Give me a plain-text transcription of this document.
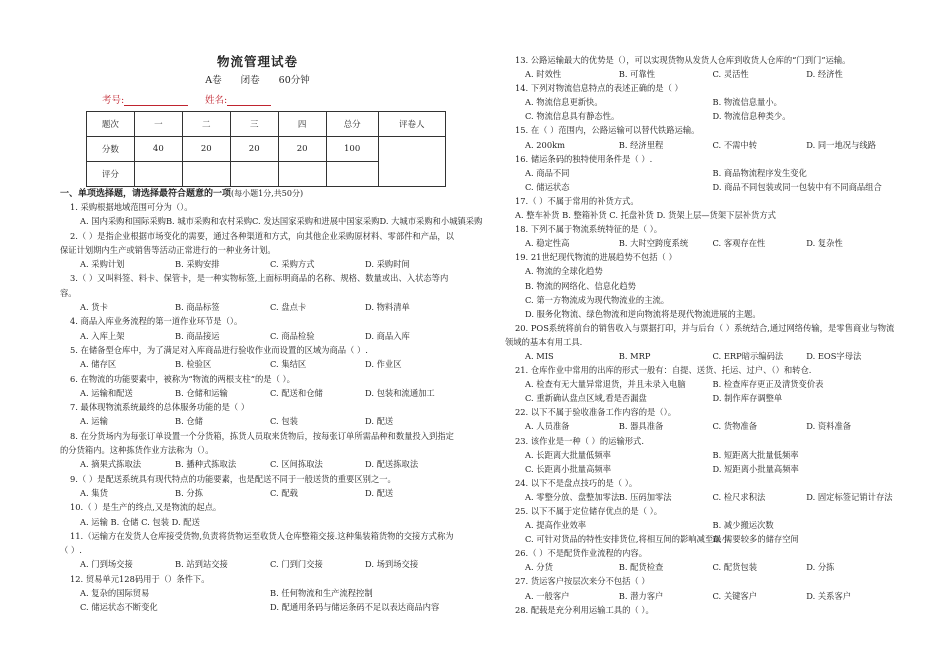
物流管理试卷
A卷 闭卷 60分钟
考号:	姓名:
题次	一	二	三	四	总分	评卷人
分数	40	20	20	20	100	
评分						
一、单项选择题，请选择最符合题意的一项(每小题1分,共50分)
1. 采购根据地域范围可分为（）。
A. 国内采购和国际采购 B. 城市采购和农村采购 C. 发达国家采购和进展中国家采购 D. 大城市采购和小城镇采购
2.（ ）是指企业根据市场变化的需要，通过各种渠道和方式，向其他企业采购原材料、零部件和产品，以保证计划期内生产或销售等活动正常进行的一种业务计划。
A. 采购计划	B. 采购安排	C. 采购方式	D. 采购时间
3.（ ）又叫料签、料卡、保管卡，是一种实物标签,上面标明商品的名称、规格、数量或出、入状态等内容。
A. 货卡	B. 商品标签	C. 盘点卡	D. 物料清单
4. 商品入库业务流程的第一道作业环节是（）。
A. 入库上架	B. 商品接运	C. 商品检验	D. 商品入库
5. 在储备型仓库中，为了满足对入库商品进行验收作业而设置的区域为商品（ ）.
A. 储存区	B. 检验区	C. 集结区	D. 作业区
6. 在物流的功能要素中，被称为“物流的两根支柱”的是（ ）。
A. 运输和配送	B. 仓储和运输	C. 配送和仓储	D. 包装和流通加工
7. 最体现物流系统最终的总体服务功能的是（ ）
A. 运输	B. 仓储	C. 包装	D. 配送
8. 在分货场内为每张订单设置一个分货箱，拣货人员取来货物后，按每张订单所需品种和数量投入到指定的分货箱内。这种拣货作业方法称为（）。
A. 摘果式拣取法	B. 播种式拣取法	C. 区间拣取法	D. 配送拣取法
9.（ ）是配送系统具有现代特点的功能要素，也是配送不同于一般送货的重要区别之一。
A. 集货	B. 分拣	C. 配载	D. 配送
10.（ ）是生产的终点,又是物流的起点。
A. 运输 B. 仓储 C. 包装 D. 配送
11.（运输方在发货人仓库接受货物,负责将货物运至收货人仓库整箱交接.这种集装箱货物的交接方式称为（ ）.
A. 门到场交接	B. 站到站交接	C. 门到门交接	D. 场到场交接
12. 贸易单元128码用于（）条件下。
A. 复杂的国际贸易	B. 任何物流和生产流程控制
C. 储运状态不断变化	D. 配通用条码与储运条码不足以表达商品内容
13. 公路运输最大的优势是（），可以实现货物从发货人仓库到收货人仓库的“门到门”运输。
A. 时效性	B. 可靠性	C. 灵活性	D. 经济性
14. 下列对物流信息特点的表述正确的是（ ）
A. 物流信息更新快。	B. 物流信息量小。
C. 物流信息具有静态性。	D. 物流信息种类少。
15. 在（ ）范围内，公路运输可以替代铁路运输。
A. 200km	B. 经济里程	C. 不需中转	D. 同一地况与线路
16. 储运条码的独特使用条件是（ ）.
A. 商品不同	B. 商品物流程序发生变化
C. 储运状态	D. 商品不同包装或同一包装中有不同商品组合
17.（ ）不属于常用的补货方式。
A. 整车补货 B. 整箱补货 C. 托盘补货 D. 货架上层—货架下层补货方式
18. 下列不属于物流系统特征的是（ ）。
A. 稳定性高	B. 大时空跨度系统	C. 客观存在性	D. 复杂性
19. 21世纪现代物流的进展趋势不包括（ ）
A. 物流的全球化趋势
B. 物流的网络化、信息化趋势
C. 第一方物流成为现代物流业的主流。
D. 服务化物流、绿色物流和逆向物流将是现代物流进展的主题。
20. POS系统将前台的销售收入与票据打印，并与后台（ ）系统结合,通过网络传输，是零售商业与物流领域的基本有用工具.
A. MIS	B. MRP	C. ERP暗示编码法	D. EOS字母法
21. 仓库作业中常用的出库的形式一般有：自提、送货、托运、过户、（）和转仓.
A. 检查有无大量异常退货，并且未录入电脑	B. 检查库存更正及清货变价表
C. 重新确认盘点区域,看是否漏盘	D. 制作库存调整单
22. 以下不属于验收准备工作内容的是（）。
A. 人员准备	B. 器具准备	C. 货物准备	D. 资料准备
23. 该作业是一种（ ）的运输形式.
A. 长距离大批量低频率	B. 短距离大批量低频率
C. 长距离小批量高频率	D. 短距离小批量高频率
24. 以下不是盘点技巧的是（ ）。
A. 零整分放、盘整加零法 B. 压码加零法	C. 检尺求积法	D. 固定标签记销计存法
25. 以下不属于定位储存优点的是（ ）。
A. 提高作业效率	B. 减少搬运次数
C. 可针对货品的特性安排货位,将相互间的影响减至最小
D. 需要较多的储存空间
26.（ ）不是配货作业流程的内容。
A. 分货	B. 配货检查	C. 配货包装	D. 分拣
27. 货运客户按层次来分不包括（ ）
A. 一般客户	B. 潜力客户	C. 关键客户	D. 关系客户
28. 配载是充分利用运输工具的（ ）。
